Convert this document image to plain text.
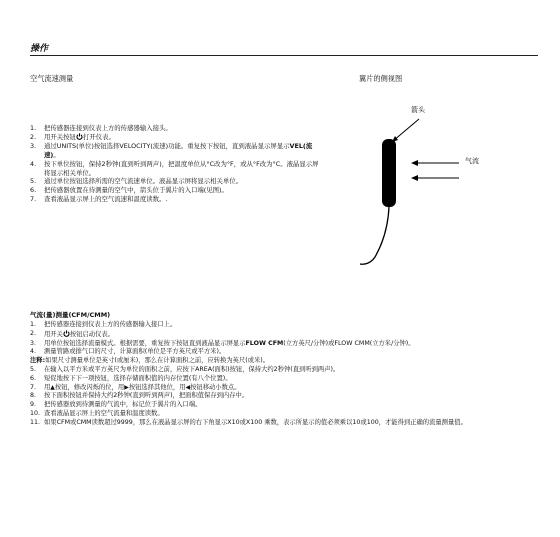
操作
空气流速测量	翼片的侧视图
1.	把传感器连接到仪表上方的传感器输入接头。
2.	用开关按钮 打开仪表。
3.	通过UNITS(单位)按钮选择VELOCITY(流速)功能。重复按下按钮，直到液晶显示屏显示VEL(流速)。
4.	按下单位按钮，保持2秒钟(直到听到两声)，把温度单位从°C改为°F，或从°F改为°C。液晶显示屏将显示相关单位。
5.	通过单位按钮选择所需的空气流速单位。液晶显示屏将显示相关单位。
6.	把传感器放置在待测量的空气中，箭头位于翼片的入口端(见图)。
7.	查看液晶显示屏上的空气流速和温度读数。.
箭头
气流
气流(量)测量(CFM/CMM)
1.	把传感器连接到仪表上方的传感器输入接口上。
2.	用开关 按钮启动仪表。
3.	用单位按钮选择流量模式。根据需要，重复按下按钮直到液晶显示屏显示FLOW CFM(立方英尺/分钟)或FLOW CMM(立方米/分钟)。
4.	测量管路或排气口的尺寸，计算面积(单位是平方英尺或平方米)。
注释:如果尺寸测量单位是英寸(或厘米)，那么在计算面积之前，应转换为英尺(或米)。
5.	在输入以平方米或平方英尺为单位的面积之前，应按下AREA(面积)按钮，保持大约2秒钟(直到听到两声)。
6.	短促地按下下一项按钮，选择存储面积值的内存位置(有八个位置)。
7.	用▲按钮，修改闪烁的位，用▶按钮选择其他位，用◀按钮移动小数点。
8.	按下面积按钮并保持大约2秒钟(直到听到两声)，把面积值保存到内存中。
9.	把传感器放到待测量的气流中，标记位于翼片的入口端。
10. 查看液晶显示屏上的空气流量和温度读数。
11. 如果CFM或CMM读数超过9999，那么在液晶显示屏的右下角显示X10或X100 乘数，表示所显示的值必须乘以10或100，才能得到正确的流量测量值。
